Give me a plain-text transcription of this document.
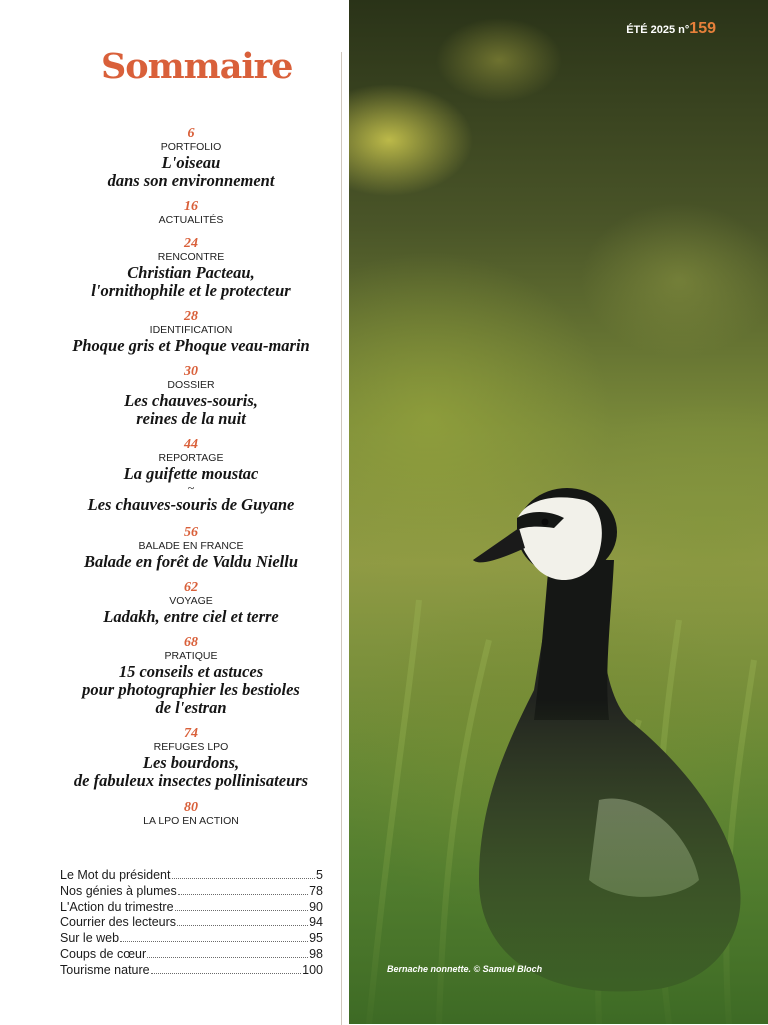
Sommaire
6
PORTFOLIO
L'oiseau
dans son environnement
16
ACTUALITÉS
24
RENCONTRE
Christian Pacteau,
l'ornithophile et le protecteur
28
IDENTIFICATION
Phoque gris et Phoque veau-marin
30
DOSSIER
Les chauves-souris,
reines de la nuit
44
REPORTAGE
La guifette moustac
~
Les chauves-souris de Guyane
56
BALADE EN FRANCE
Balade en forêt de Valdu Niellu
62
VOYAGE
Ladakh, entre ciel et terre
68
PRATIQUE
15 conseils et astuces
pour photographier les bestioles
de l'estran
74
REFUGES LPO
Les bourdons,
de fabuleux insectes pollinisateurs
80
LA LPO EN ACTION
Le Mot du président	5
Nos génies à plumes	78
L'Action du trimestre	90
Courrier des lecteurs	94
Sur le web	95
Coups de cœur	98
Tourisme nature	100
ÉTÉ 2025 n°159
Bernache nonnette. © Samuel Bloch
